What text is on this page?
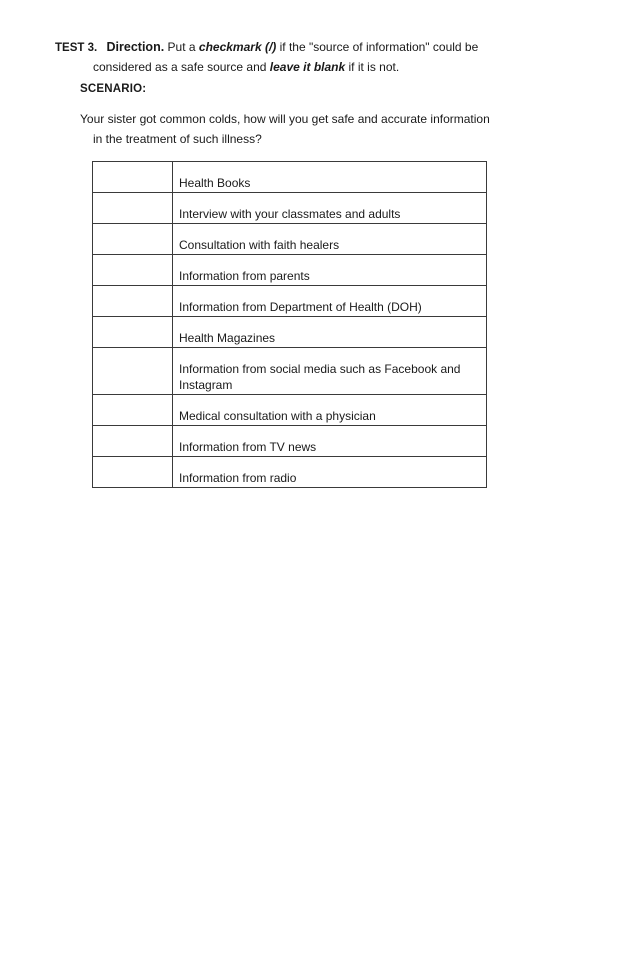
TEST 3. Direction. Put a checkmark (/) if the "source of information" could be
considered as a safe source and leave it blank if it is not.
SCENARIO:
Your sister got common colds, how will you get safe and accurate information
in the treatment of such illness?
	Health Books
	Interview with your classmates and adults
	Consultation with faith healers
	Information from parents
	Information from Department of Health (DOH)
	Health Magazines
	Information from social media such as Facebook and Instagram
	Medical consultation with a physician
	Information from TV news
	Information from radio
